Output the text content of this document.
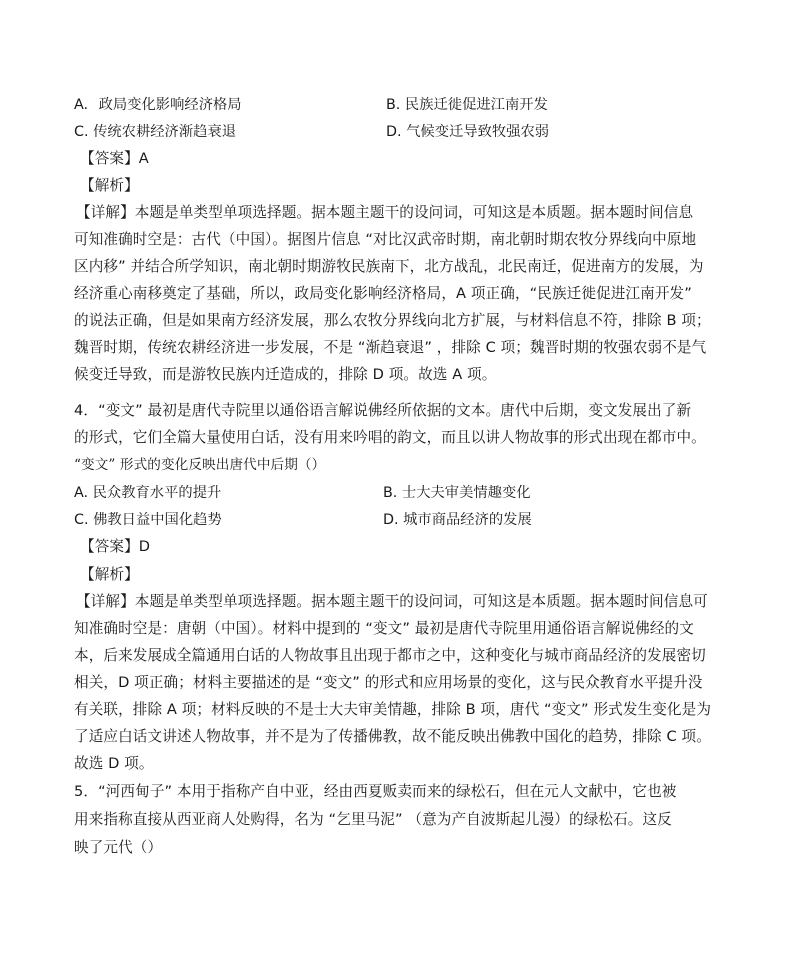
A. 政局变化影响经济格局	B. 民族迁徙促进江南开发
C. 传统农耕经济渐趋衰退	D. 气候变迁导致牧强农弱
【答案】A
【解析】
【详解】本题是单类型单项选择题。据本题主题干的设问词，可知这是本质题。据本题时间信息
可知准确时空是：古代（中国）。据图片信息 “对比汉武帝时期，南北朝时期农牧分界线向中原地
区内移” 并结合所学知识，南北朝时期游牧民族南下，北方战乱，北民南迁，促进南方的发展，为
经济重心南移奠定了基础，所以，政局变化影响经济格局，A 项正确，“民族迁徙促进江南开发”
的说法正确，但是如果南方经济发展，那么农牧分界线向北方扩展，与材料信息不符，排除 B 项；
魏晋时期，传统农耕经济进一步发展，不是 “渐趋衰退” ，排除 C 项；魏晋时期的牧强农弱不是气
候变迁导致，而是游牧民族内迁造成的，排除 D 项。故选 A 项。
4．“变文” 最初是唐代寺院里以通俗语言解说佛经所依据的文本。唐代中后期，变文发展出了新
的形式，它们全篇大量使用白话，没有用来吟唱的韵文，而且以讲人物故事的形式出现在都市中。
“变文” 形式的变化反映出唐代中后期（）
A. 民众教育水平的提升	B. 士大夫审美情趣变化
C. 佛教日益中国化趋势	D. 城市商品经济的发展
【答案】D
【解析】
【详解】本题是单类型单项选择题。据本题主题干的设问词，可知这是本质题。据本题时间信息可
知准确时空是：唐朝（中国）。材料中提到的 “变文” 最初是唐代寺院里用通俗语言解说佛经的文
本，后来发展成全篇通用白话的人物故事且出现于都市之中，这种变化与城市商品经济的发展密切
相关，D 项正确；材料主要描述的是 “变文” 的形式和应用场景的变化，这与民众教育水平提升没
有关联，排除 A 项；材料反映的不是士大夫审美情趣，排除 B 项，唐代 “变文” 形式发生变化是为
了适应白话文讲述人物故事，并不是为了传播佛教，故不能反映出佛教中国化的趋势，排除 C 项。
故选 D 项。
5．“河西甸子” 本用于指称产自中亚，经由西夏贩卖而来的绿松石，但在元人文献中，它也被
用来指称直接从西亚商人处购得，名为 “乞里马泥” （意为产自波斯起儿漫）的绿松石。这反
映了元代（）
